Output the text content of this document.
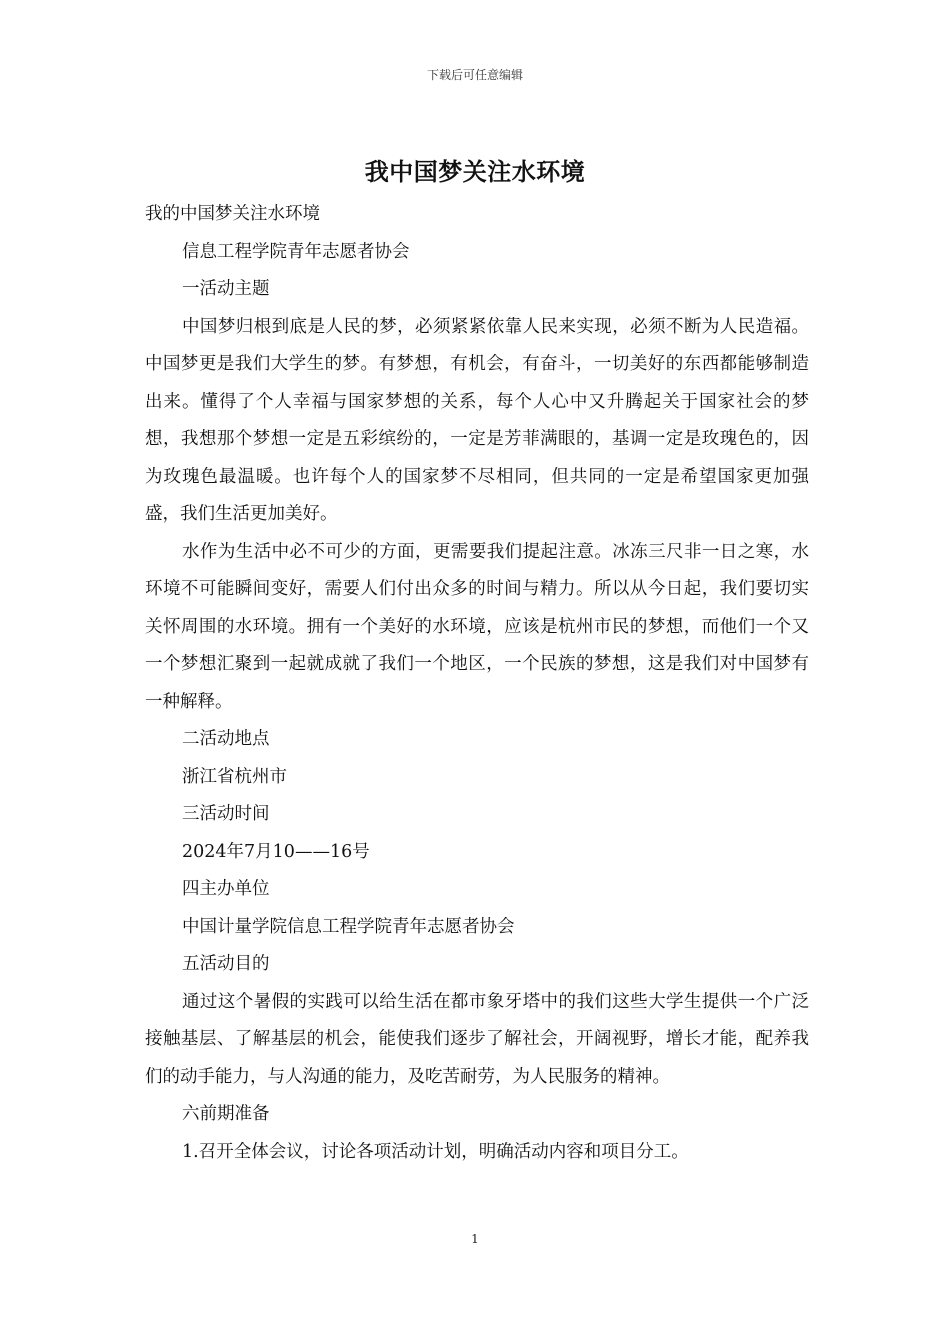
下载后可任意编辑
我中国梦关注水环境

我的中国梦关注水环境

信息工程学院青年志愿者协会

一活动主题

中国梦归根到底是人民的梦，必须紧紧依靠人民来实现，必须不断为人民造福。中国梦更是我们大学生的梦。有梦想，有机会，有奋斗，一切美好的东西都能够制造出来。懂得了个人幸福与国家梦想的关系，每个人心中又升腾起关于国家社会的梦想，我想那个梦想一定是五彩缤纷的，一定是芳菲满眼的，基调一定是玫瑰色的，因为玫瑰色最温暖。也许每个人的国家梦不尽相同，但共同的一定是希望国家更加强盛，我们生活更加美好。

水作为生活中必不可少的方面，更需要我们提起注意。冰冻三尺非一日之寒，水环境不可能瞬间变好，需要人们付出众多的时间与精力。所以从今日起，我们要切实关怀周围的水环境。拥有一个美好的水环境，应该是杭州市民的梦想，而他们一个又一个梦想汇聚到一起就成就了我们一个地区，一个民族的梦想，这是我们对中国梦有一种解释。

二活动地点

浙江省杭州市

三活动时间

2024年7月10——16号

四主办单位

中国计量学院信息工程学院青年志愿者协会

五活动目的

通过这个暑假的实践可以给生活在都市象牙塔中的我们这些大学生提供一个广泛接触基层、了解基层的机会，能使我们逐步了解社会，开阔视野，增长才能，配养我们的动手能力，与人沟通的能力，及吃苦耐劳，为人民服务的精神。

六前期准备

1.召开全体会议，讨论各项活动计划，明确活动内容和项目分工。

1
